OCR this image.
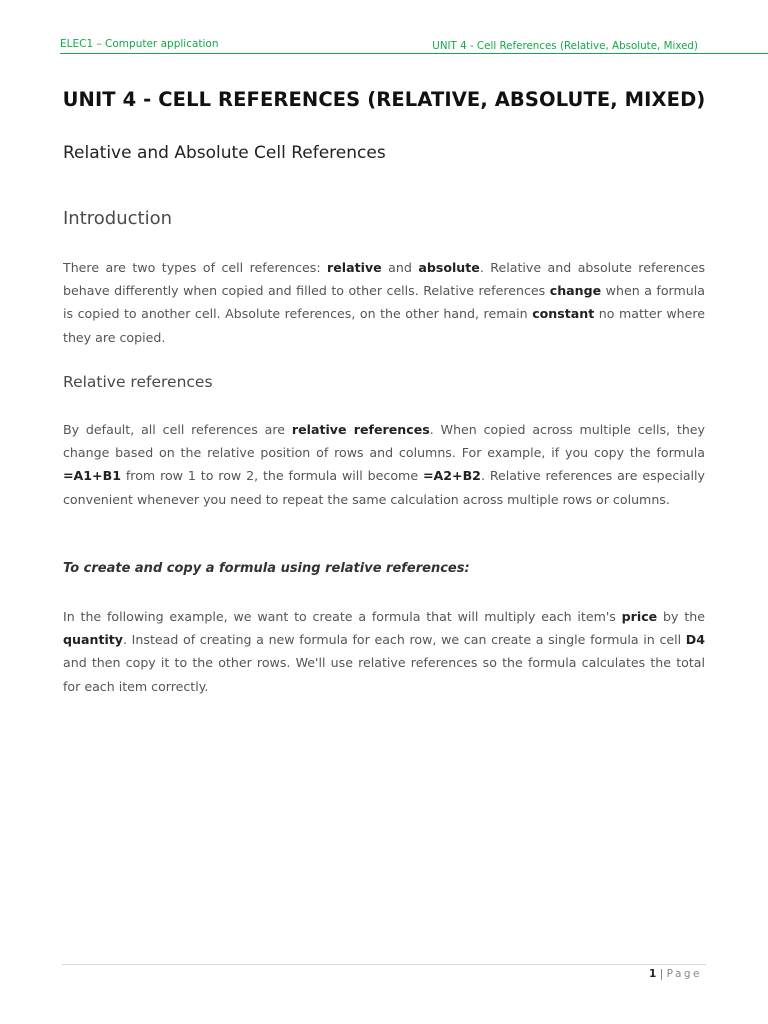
ELEC1 – Computer application	UNIT 4 - Cell References (Relative, Absolute, Mixed)
UNIT 4 - CELL REFERENCES (RELATIVE, ABSOLUTE, MIXED)
Relative and Absolute Cell References
Introduction

There are two types of cell references: relative and absolute. Relative and absolute references behave differently when copied and filled to other cells. Relative references change when a formula is copied to another cell. Absolute references, on the other hand, remain constant no matter where they are copied.

Relative references

By default, all cell references are relative references. When copied across multiple cells, they change based on the relative position of rows and columns. For example, if you copy the formula =A1+B1 from row 1 to row 2, the formula will become =A2+B2. Relative references are especially convenient whenever you need to repeat the same calculation across multiple rows or columns.

To create and copy a formula using relative references:

In the following example, we want to create a formula that will multiply each item's price by the quantity. Instead of creating a new formula for each row, we can create a single formula in cell D4 and then copy it to the other rows. We'll use relative references so the formula calculates the total for each item correctly.

1 | Page
